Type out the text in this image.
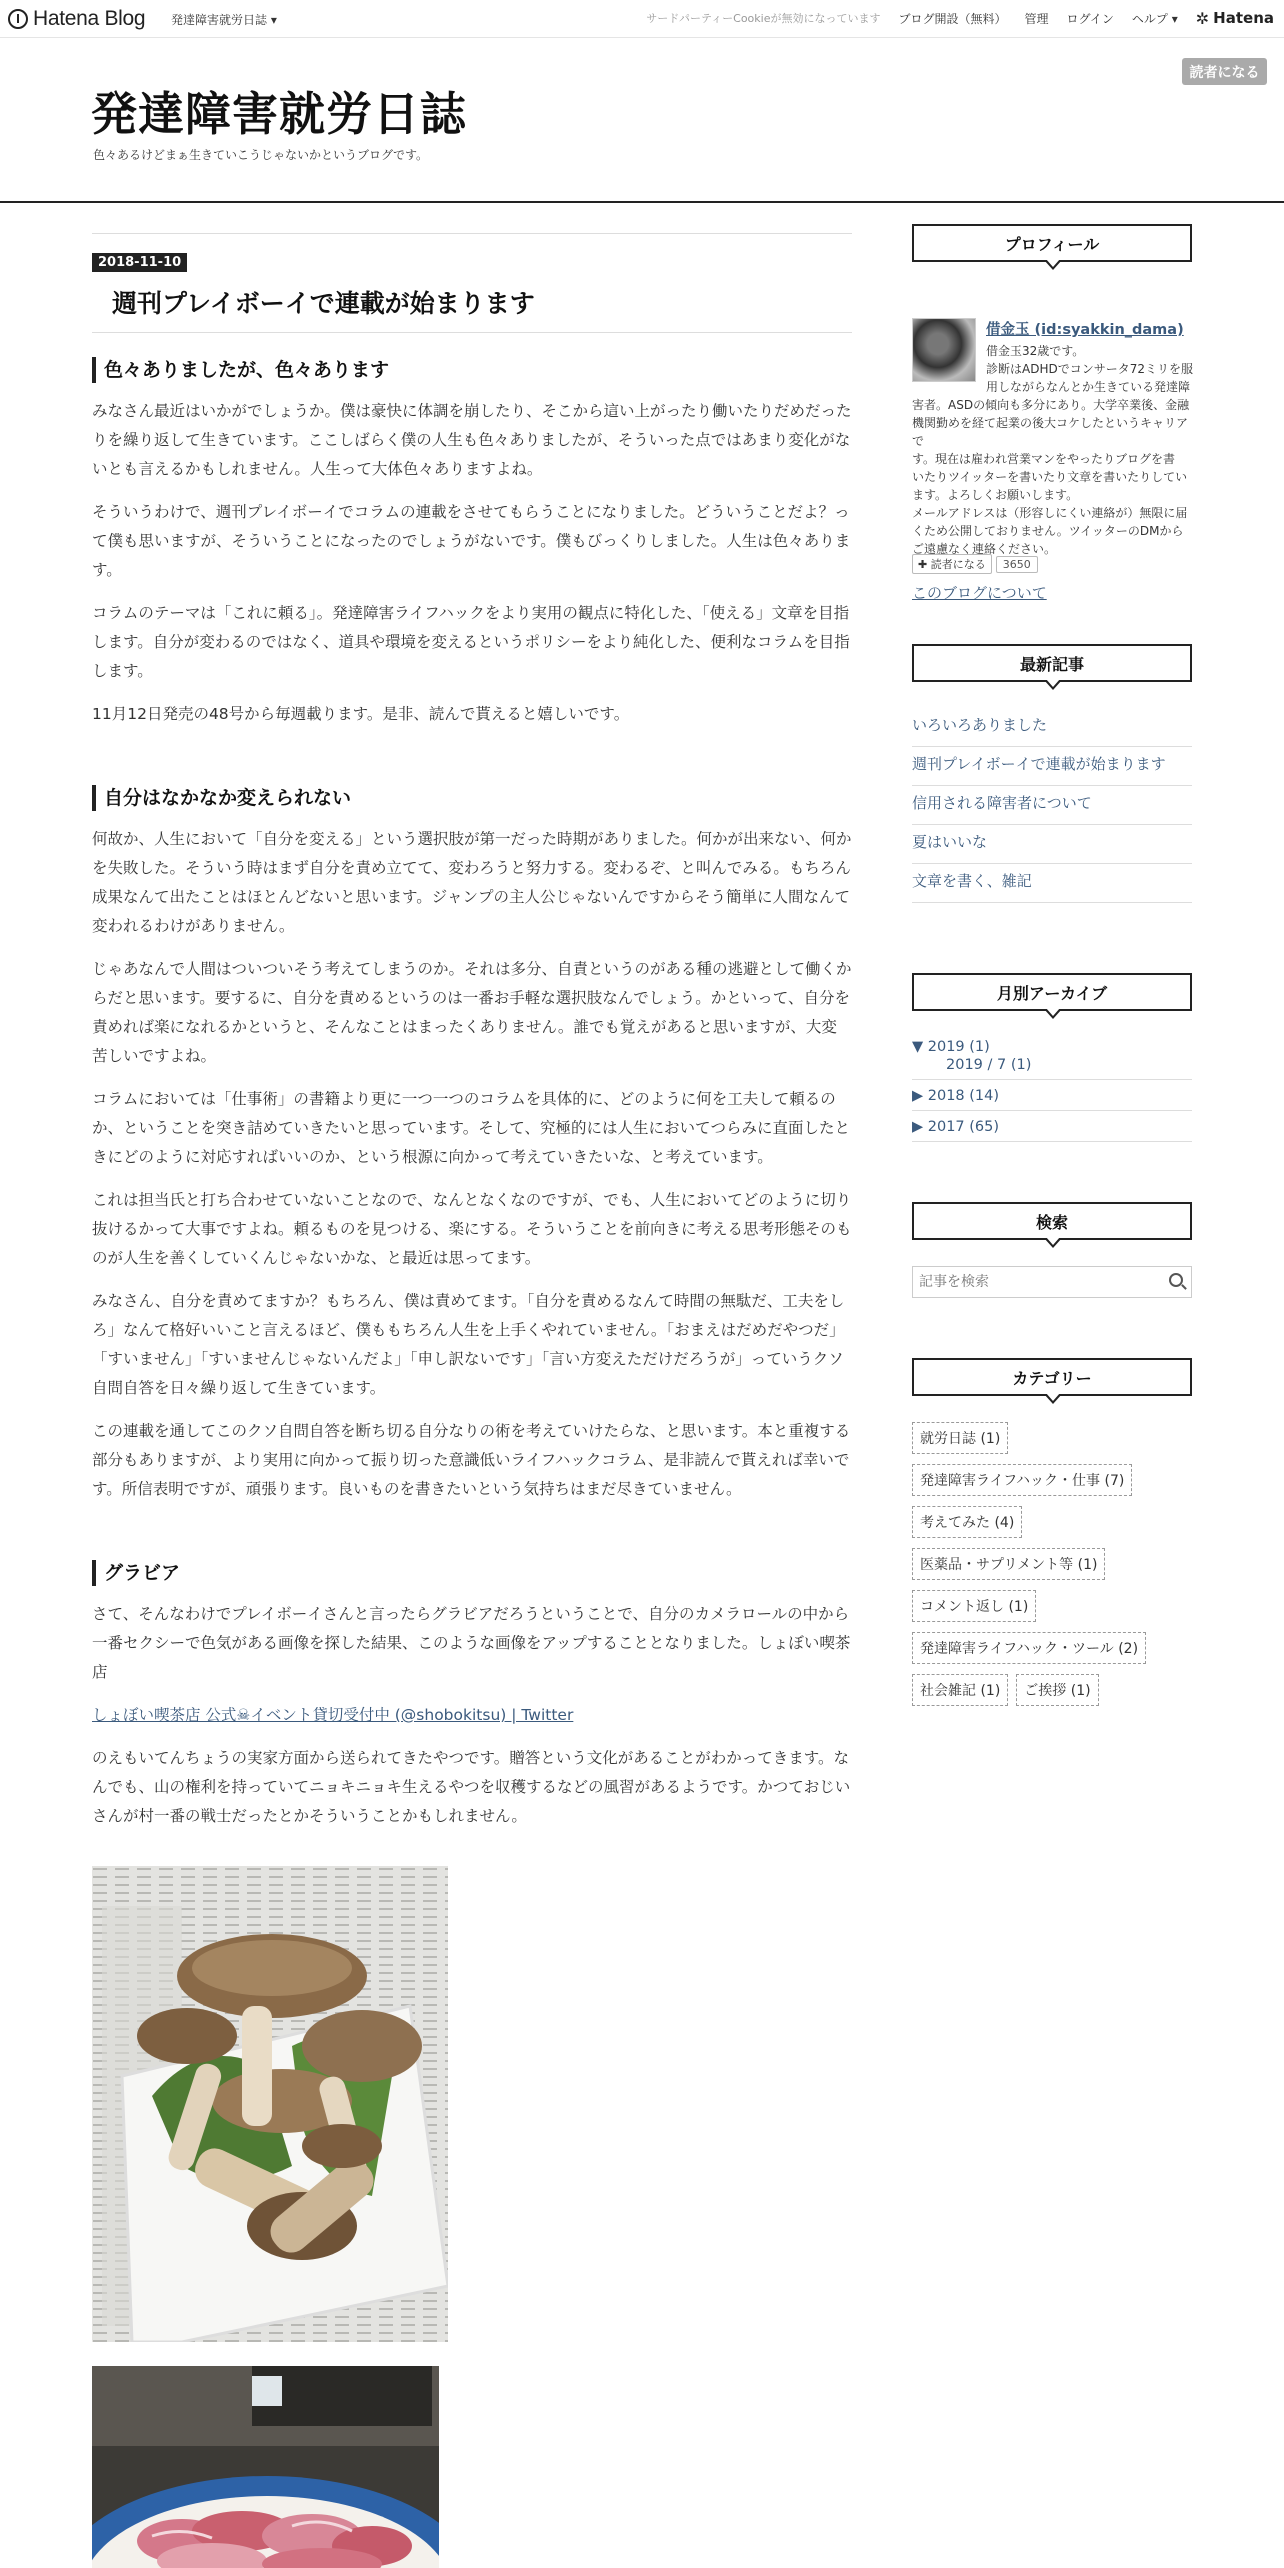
Hatena Blog 発達障害就労日誌 ▾	サードパーティーCookieが無効になっています ブログ開設（無料） 管理 ログイン ヘルプ ▾ ✲ Hatena
発達障害就労日誌
色々あるけどまぁ生きていこうじゃないかというブログです。
読者になる
2018-11-10
週刊プレイボーイで連載が始まります
色々ありましたが、色々あります

みなさん最近はいかがでしょうか。僕は豪快に体調を崩したり、そこから這い上がったり働いたりだめだったりを繰り返して生きています。ここしばらく僕の人生も色々ありましたが、そういった点ではあまり変化がないとも言えるかもしれません。人生って大体色々ありますよね。

そういうわけで、週刊プレイボーイでコラムの連載をさせてもらうことになりました。どういうことだよ？って僕も思いますが、そういうことになったのでしょうがないです。僕もびっくりしました。人生は色々あります。

コラムのテーマは「これに頼る」。発達障害ライフハックをより実用の観点に特化した、「使える」文章を目指します。自分が変わるのではなく、道具や環境を変えるというポリシーをより純化した、便利なコラムを目指します。

11月12日発売の48号から毎週載ります。是非、読んで貰えると嬉しいです。

自分はなかなか変えられない

何故か、人生において「自分を変える」という選択肢が第一だった時期がありました。何かが出来ない、何かを失敗した。そういう時はまず自分を責め立てて、変わろうと努力する。変わるぞ、と叫んでみる。もちろん成果なんて出たことはほとんどないと思います。ジャンプの主人公じゃないんですからそう簡単に人間なんて変われるわけがありません。

じゃあなんで人間はついついそう考えてしまうのか。それは多分、自責というのがある種の逃避として働くからだと思います。要するに、自分を責めるというのは一番お手軽な選択肢なんでしょう。かといって、自分を責めれば楽になれるかというと、そんなことはまったくありません。誰でも覚えがあると思いますが、大変苦しいですよね。

コラムにおいては「仕事術」の書籍より更に一つ一つのコラムを具体的に、どのように何を工夫して頼るのか、ということを突き詰めていきたいと思っています。そして、究極的には人生においてつらみに直面したときにどのように対応すればいいのか、という根源に向かって考えていきたいな、と考えています。

これは担当氏と打ち合わせていないことなので、なんとなくなのですが、でも、人生においてどのように切り抜けるかって大事ですよね。頼るものを見つける、楽にする。そういうことを前向きに考える思考形態そのものが人生を善くしていくんじゃないかな、と最近は思ってます。

みなさん、自分を責めてますか？もちろん、僕は責めてます。「自分を責めるなんて時間の無駄だ、工夫をしろ」なんて格好いいこと言えるほど、僕ももちろん人生を上手くやれていません。「おまえはだめだやつだ」「すいません」「すいませんじゃないんだよ」「申し訳ないです」「言い方変えただけだろうが」っていうクソ自問自答を日々繰り返して生きています。

この連載を通してこのクソ自問自答を断ち切る自分なりの術を考えていけたらな、と思います。本と重複する部分もありますが、より実用に向かって振り切った意識低いライフハックコラム、是非読んで貰えれば幸いです。所信表明ですが、頑張ります。良いものを書きたいという気持ちはまだ尽きていません。

グラビア

さて、そんなわけでプレイボーイさんと言ったらグラビアだろうということで、自分のカメラロールの中から一番セクシーで色気がある画像を探した結果、このような画像をアップすることとなりました。しょぼい喫茶店

しょぼい喫茶店 公式☠イベント貸切受付中 (@shobokitsu) | Twitter

のえもいてんちょうの実家方面から送られてきたやつです。贈答という文化があることがわかってきます。なんでも、山の権利を持っていてニョキニョキ生えるやつを収穫するなどの風習があるようです。かつておじいさんが村一番の戦士だったとかそういうことかもしれません。

プロフィール
借金玉 (id:syakkin_dama)
借金玉32歳です。
診断はADHDでコンサータ72ミリを服
用しながらなんとか生きている発達障
害者。ASDの傾向も多分にあり。大学卒業後、金融
機関勤めを経て起業の後大コケしたというキャリアで
す。現在は雇われ営業マンをやったりブログを書
いたりツイッターを書いたり文章を書いたりしてい
ます。よろしくお願いします。
メールアドレスは（形容しにくい連絡が）無限に届
くため公開しておりません。ツイッターのDMから
ご遠慮なく連絡ください。
✚ 読者になる	3650
このブログについて
最新記事
いろいろありました
週刊プレイボーイで連載が始まります
信用される障害者について
夏はいいな
文章を書く、雑記
月別アーカイブ
▼ 2019 (1)
2019 / 7 (1)
▶ 2018 (14)
▶ 2017 (65)
検索
記事を検索
カテゴリー
就労日誌 (1)
発達障害ライフハック・仕事 (7)
考えてみた (4)
医薬品・サプリメント等 (1)
コメント返し (1)
発達障害ライフハック・ツール (2)
社会雑記 (1)	ご挨拶 (1)
